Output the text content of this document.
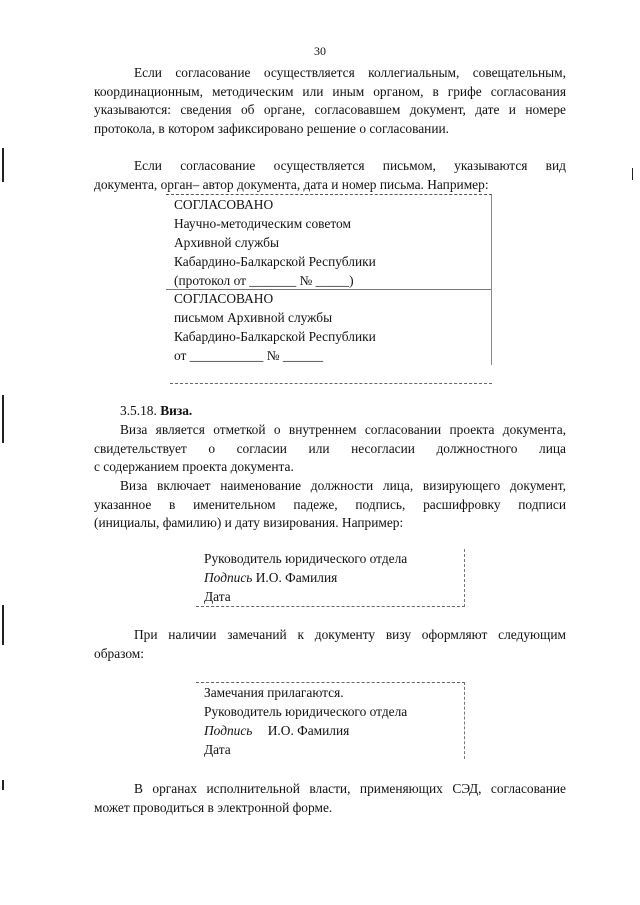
30
Если согласование осуществляется коллегиальным, совещательным,
координационным, методическим или иным органом, в грифе согласования
указываются: сведения об органе, согласовавшем документ, дате и номере
протокола, в котором зафиксировано решение о согласовании.
Если согласование осуществляется письмом, указываются вид
документа, орган– автор документа, дата и номер письма. Например:
СОГЛАСОВАНО
Научно-методическим советом
Архивной службы
Кабардино-Балкарской Республики
(протокол от _______ № _____)
СОГЛАСОВАНО
письмом Архивной службы
Кабардино-Балкарской Республики
от ___________ № ______
3.5.18. Виза.
Виза является отметкой о внутреннем согласовании проекта документа,
свидетельствует о согласии или несогласии должностного лица
с содержанием проекта документа.
Виза включает наименование должности лица, визирующего документ,
указанное в именительном падеже, подпись, расшифровку подписи
(инициалы, фамилию) и дату визирования. Например:
Руководитель юридического отдела
Подпись И.О. Фамилия
Дата
При наличии замечаний к документу визу оформляют следующим
образом:
Замечания прилагаются.
Руководитель юридического отдела
Подпись И.О. Фамилия
Дата
В органах исполнительной власти, применяющих СЭД, согласование
может проводиться в электронной форме.
